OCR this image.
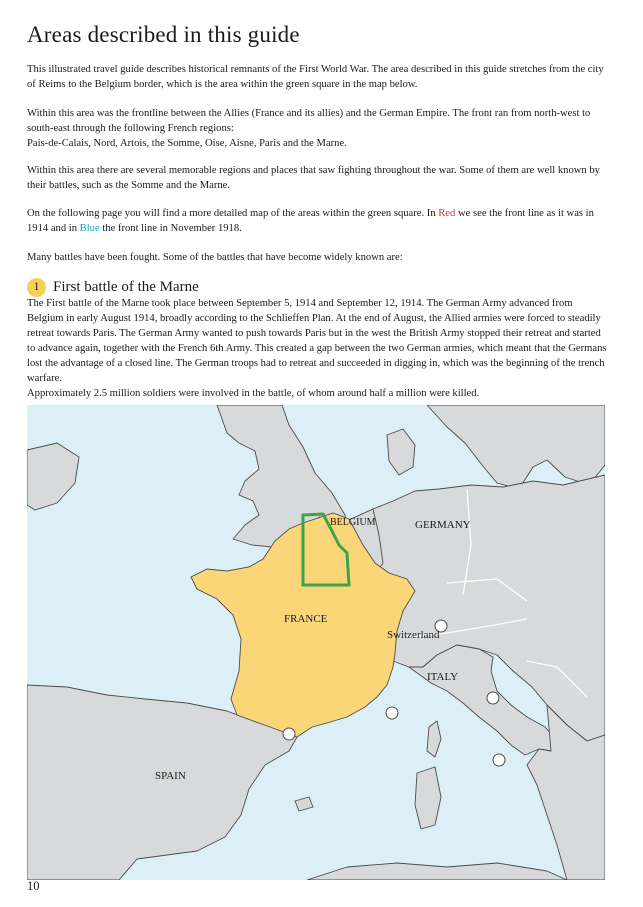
Areas described in this guide

This illustrated travel guide describes historical remnants of the First World War. The area described in this guide stretches from the city of Reims to the Belgium border, which is the area within the green square in the map below.

Within this area was the frontline between the Allies (France and its allies) and the German Empire. The front ran from north-west to south-east through the following French regions:
Pais-de-Calais, Nord, Artois, the Somme, Oise, Aisne, Paris and the Marne.

Within this area there are several memorable regions and places that saw fighting throughout the war. Some of them are well known by their battles, such as the Somme and the Marne.

On the following page you will find a more detailed map of the areas within the green square. In Red we see the front line as it was in 1914 and in Blue the front line in November 1918.

Many battles have been fought. Some of the battles that have become widely known are:

1 First battle of the Marne
The First battle of the Marne took place between September 5, 1914 and September 12, 1914. The German Army advanced from Belgium in early August 1914, broadly according to the Schlieffen Plan. At the end of August, the Allied armies were forced to steadily retreat towards Paris. The German Army wanted to push towards Paris but in the west the British Army stopped their retreat and started to advance again, together with the French 6th Army. This created a gap between the two German armies, which meant that the Germans lost the advantage of a closed line. The German troops had to retreat and succeeded in digging in, which was the beginning of the trench warfare.
Approximately 2.5 million soldiers were involved in the battle, of whom around half a million were killed.
BELGIUM	GERMANY
FRANCE
Switzerland
ITALY
SPAIN
10
